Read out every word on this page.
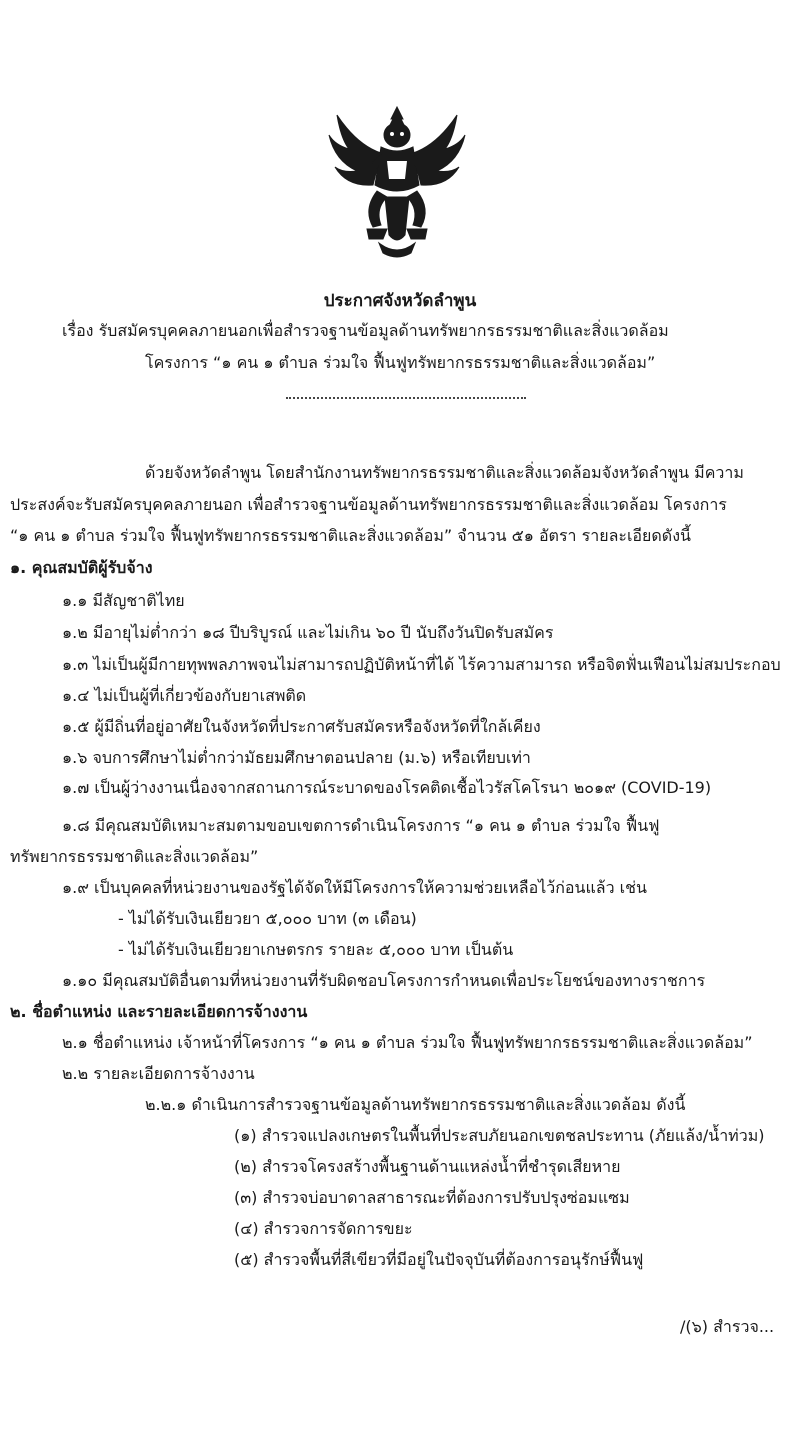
ประกาศจังหวัดลำพูน
เรื่อง รับสมัครบุคคลภายนอกเพื่อสำรวจฐานข้อมูลด้านทรัพยากรธรรมชาติและสิ่งแวดล้อม
โครงการ “๑ คน ๑ ตำบล ร่วมใจ ฟื้นฟูทรัพยากรธรรมชาติและสิ่งแวดล้อม”
ด้วยจังหวัดลำพูน โดยสำนักงานทรัพยากรธรรมชาติและสิ่งแวดล้อมจังหวัดลำพูน มีความ
ประสงค์จะรับสมัครบุคคลภายนอก เพื่อสำรวจฐานข้อมูลด้านทรัพยากรธรรมชาติและสิ่งแวดล้อม โครงการ
“๑ คน ๑ ตำบล ร่วมใจ ฟื้นฟูทรัพยากรธรรมชาติและสิ่งแวดล้อม” จำนวน ๕๑ อัตรา รายละเอียดดังนี้
๑. คุณสมบัติผู้รับจ้าง
๑.๑ มีสัญชาติไทย
๑.๒ มีอายุไม่ต่ำกว่า ๑๘ ปีบริบูรณ์ และไม่เกิน ๖๐ ปี นับถึงวันปิดรับสมัคร
๑.๓ ไม่เป็นผู้มีกายทุพพลภาพจนไม่สามารถปฏิบัติหน้าที่ได้ ไร้ความสามารถ หรือจิตฟั่นเฟือนไม่สมประกอบ
๑.๔ ไม่เป็นผู้ที่เกี่ยวข้องกับยาเสพติด
๑.๕ ผู้มีถิ่นที่อยู่อาศัยในจังหวัดที่ประกาศรับสมัครหรือจังหวัดที่ใกล้เคียง
๑.๖ จบการศึกษาไม่ต่ำกว่ามัธยมศึกษาตอนปลาย (ม.๖) หรือเทียบเท่า
๑.๗ เป็นผู้ว่างงานเนื่องจากสถานการณ์ระบาดของโรคติดเชื้อไวรัสโคโรนา ๒๐๑๙ (COVID-19)
๑.๘ มีคุณสมบัติเหมาะสมตามขอบเขตการดำเนินโครงการ “๑ คน ๑ ตำบล ร่วมใจ ฟื้นฟู
ทรัพยากรธรรมชาติและสิ่งแวดล้อม”
๑.๙ เป็นบุคคลที่หน่วยงานของรัฐได้จัดให้มีโครงการให้ความช่วยเหลือไว้ก่อนแล้ว เช่น
- ไม่ได้รับเงินเยียวยา ๕,๐๐๐ บาท (๓ เดือน)
- ไม่ได้รับเงินเยียวยาเกษตรกร รายละ ๕,๐๐๐ บาท เป็นต้น
๑.๑๐ มีคุณสมบัติอื่นตามที่หน่วยงานที่รับผิดชอบโครงการกำหนดเพื่อประโยชน์ของทางราชการ
๒. ชื่อตำแหน่ง และรายละเอียดการจ้างงาน
๒.๑ ชื่อตำแหน่ง เจ้าหน้าที่โครงการ “๑ คน ๑ ตำบล ร่วมใจ ฟื้นฟูทรัพยากรธรรมชาติและสิ่งแวดล้อม”
๒.๒ รายละเอียดการจ้างงาน
๒.๒.๑ ดำเนินการสำรวจฐานข้อมูลด้านทรัพยากรธรรมชาติและสิ่งแวดล้อม ดังนี้
(๑) สำรวจแปลงเกษตรในพื้นที่ประสบภัยนอกเขตชลประทาน (ภัยแล้ง/น้ำท่วม)
(๒) สำรวจโครงสร้างพื้นฐานด้านแหล่งน้ำที่ชำรุดเสียหาย
(๓) สำรวจบ่อบาดาลสาธารณะที่ต้องการปรับปรุงซ่อมแซม
(๔) สำรวจการจัดการขยะ
(๕) สำรวจพื้นที่สีเขียวที่มีอยู่ในปัจจุบันที่ต้องการอนุรักษ์ฟื้นฟู
/(๖) สำรวจ...
